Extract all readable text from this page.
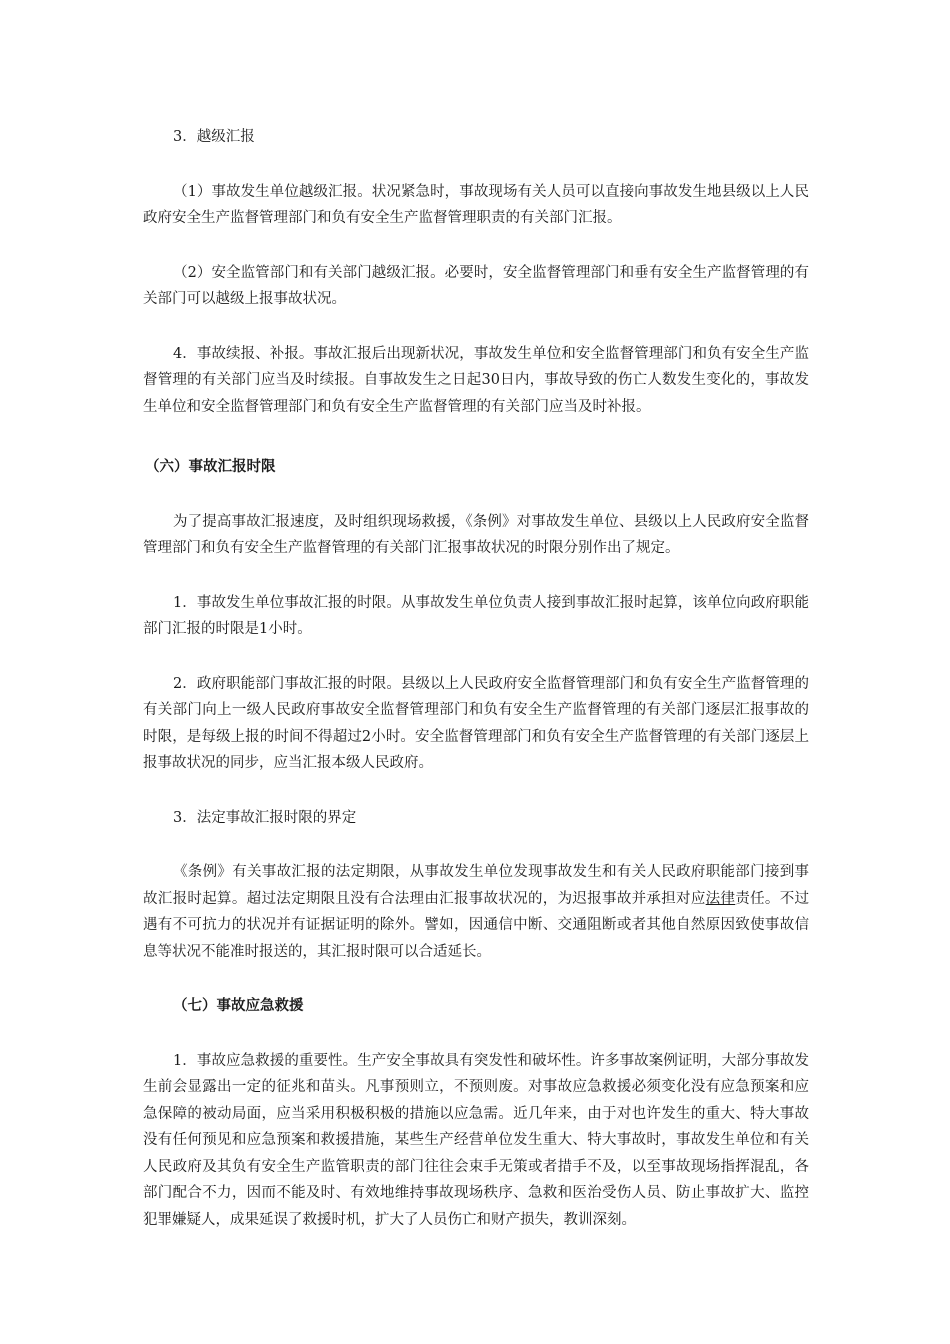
3．越级汇报

（1）事故发生单位越级汇报。状况紧急时，事故现场有关人员可以直接向事故发生地县级以上人民政府安全生产监督管理部门和负有安全生产监督管理职责的有关部门汇报。

（2）安全监管部门和有关部门越级汇报。必要时，安全监督管理部门和垂有安全生产监督管理的有关部门可以越级上报事故状况。

4．事故续报、补报。事故汇报后出现新状况，事故发生单位和安全监督管理部门和负有安全生产监督管理的有关部门应当及时续报。自事故发生之日起30日内，事故导致的伤亡人数发生变化的，事故发生单位和安全监督管理部门和负有安全生产监督管理的有关部门应当及时补报。

（六）事故汇报时限

为了提高事故汇报速度，及时组织现场救援，《条例》对事故发生单位、县级以上人民政府安全监督管理部门和负有安全生产监督管理的有关部门汇报事故状况的时限分别作出了规定。

1．事故发生单位事故汇报的时限。从事故发生单位负责人接到事故汇报时起算，该单位向政府职能部门汇报的时限是1小时。

2．政府职能部门事故汇报的时限。县级以上人民政府安全监督管理部门和负有安全生产监督管理的有关部门向上一级人民政府事故安全监督管理部门和负有安全生产监督管理的有关部门逐层汇报事故的时限，是每级上报的时间不得超过2小时。安全监督管理部门和负有安全生产监督管理的有关部门逐层上报事故状况的同步，应当汇报本级人民政府。

3．法定事故汇报时限的界定

《条例》有关事故汇报的法定期限，从事故发生单位发现事故发生和有关人民政府职能部门接到事故汇报时起算。超过法定期限且没有合法理由汇报事故状况的，为迟报事故并承担对应法律责任。不过遇有不可抗力的状况并有证据证明的除外。譬如，因通信中断、交通阻断或者其他自然原因致使事故信息等状况不能准时报送的，其汇报时限可以合适延长。

（七）事故应急救援

1．事故应急救援的重要性。生产安全事故具有突发性和破坏性。许多事故案例证明，大部分事故发生前会显露出一定的征兆和苗头。凡事预则立，不预则废。对事故应急救援必须变化没有应急预案和应急保障的被动局面，应当采用积极积极的措施以应急需。近几年来，由于对也许发生的重大、特大事故没有任何预见和应急预案和救援措施，某些生产经营单位发生重大、特大事故时，事故发生单位和有关人民政府及其负有安全生产监管职责的部门往往会束手无策或者措手不及，以至事故现场指挥混乱，各部门配合不力，因而不能及时、有效地维持事故现场秩序、急救和医治受伤人员、防止事故扩大、监控犯罪嫌疑人，成果延误了救援时机，扩大了人员伤亡和财产损失，教训深刻。
